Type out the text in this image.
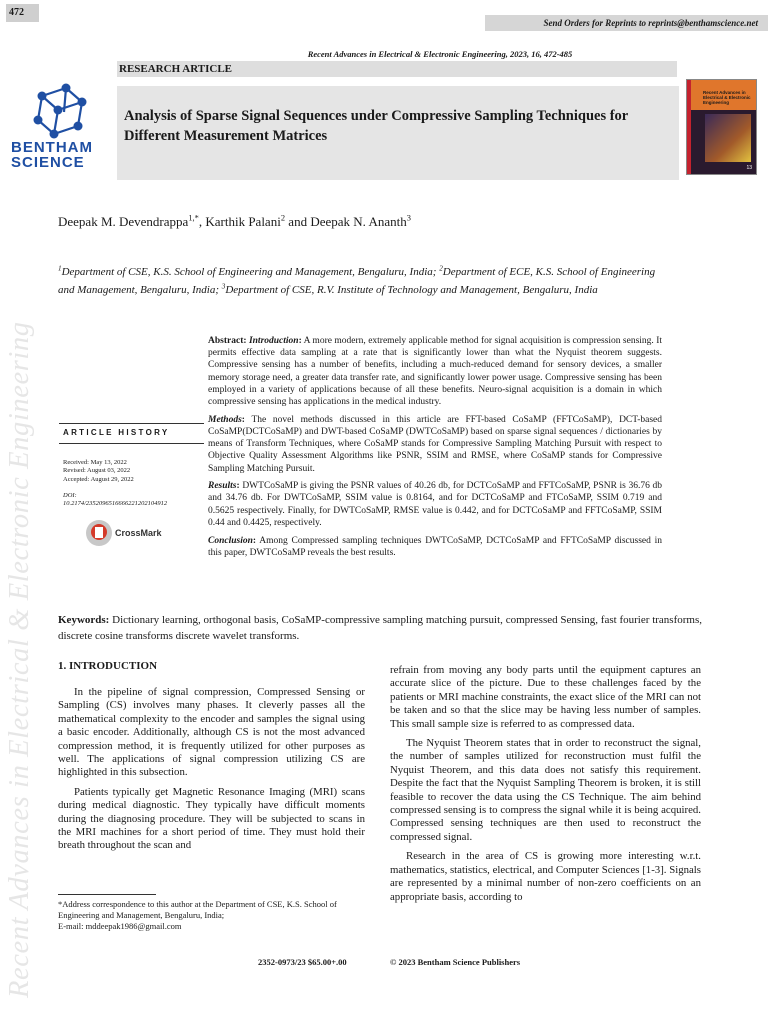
472
Send Orders for Reprints to reprints@benthamscience.net
Recent Advances in Electrical & Electronic Engineering, 2023, 16, 472-485
RESEARCH ARTICLE
BENTHAM
SCIENCE
Analysis of Sparse Signal Sequences under Compressive Sampling Techniques for Different Measurement Matrices
Recent Advances in Electrical & Electronic Engineering
13
Recent Advances in Electrical & Electronic Engineering
Deepak M. Devendrappa$^{1,*}$, Karthik Palani$^2$ and Deepak N. Ananth$^3$
$^1$Department of CSE, K.S. School of Engineering and Management, Bengaluru, India; $^2$Department of ECE, K.S. School of Engineering and Management, Bengaluru, India; $^3$Department of CSE, R.V. Institute of Technology and Management, Bengaluru, India
ARTICLE HISTORY
Received: May 13, 2022
Revised: August 03, 2022
Accepted: August 29, 2022
DOI:
10.2174/2352096516666221202104912
CrossMark

Abstract: Introduction: A more modern, extremely applicable method for signal acquisition is compression sensing. It permits effective data sampling at a rate that is significantly lower than what the Nyquist theorem suggests. Compressive sensing has a number of benefits, including a much-reduced demand for sensory devices, a smaller memory storage need, a greater data transfer rate, and significantly lower power usage. Compressive sensing has been employed in a variety of applications because of all these benefits. Neuro-signal acquisition is a domain in which compressive sensing has applications in the medical industry.

Methods: The novel methods discussed in this article are FFT-based CoSaMP (FFTCoSaMP), DCT-based CoSaMP(DCTCoSaMP) and DWT-based CoSaMP (DWTCoSaMP) based on sparse signal sequences / dictionaries by means of Transform Techniques, where CoSaMP stands for Compressive Sampling Matching Pursuit with respect to Objective Quality Assessment Algorithms like PSNR, SSIM and RMSE, where CoSaMP stands for Compressive Sampling Matching Pursuit.

Results: DWTCoSaMP is giving the PSNR values of 40.26 db, for DCTCoSaMP and FFTCoSaMP, PSNR is 36.76 db and 34.76 db. For DWTCoSaMP, SSIM value is 0.8164, and for DCTCoSaMP and FTCoSaMP, SSIM 0.719 and 0.5625 respectively. Finally, for DWTCoSaMP, RMSE value is 0.442, and for DCTCoSaMP and FFTCoSaMP, SSIM 0.44 and 0.4425, respectively.

Conclusion: Among Compressed sampling techniques DWTCoSaMP, DCTCoSaMP and FFTCoSaMP discussed in this paper, DWTCoSaMP reveals the best results.

Keywords: Dictionary learning, orthogonal basis, CoSaMP-compressive sampling matching pursuit, compressed Sensing, fast fourier transforms, discrete cosine transforms discrete wavelet transforms.
1. INTRODUCTION

In the pipeline of signal compression, Compressed Sensing or Sampling (CS) involves many phases. It cleverly passes all the mathematical complexity to the encoder and samples the signal using a basic encoder. Additionally, although CS is not the most advanced compression method, it is frequently utilized for other purposes as well. The applications of signal compression utilizing CS are highlighted in this subsection.

Patients typically get Magnetic Resonance Imaging (MRI) scans during medical diagnostic. They typically have difficult moments during the diagnosing procedure. They will be subjected to scans in the MRI machines for a short period of time. They must hold their breath throughout the scan and

refrain from moving any body parts until the equipment captures an accurate slice of the picture. Due to these challenges faced by the patients or MRI machine constraints, the exact slice of the MRI can not be taken and so that the slice may be having less number of samples. This small sample size is referred to as compressed data.

The Nyquist Theorem states that in order to reconstruct the signal, the number of samples utilized for reconstruction must fulfil the Nyquist Theorem, and this data does not satisfy this requirement. Despite the fact that the Nyquist Sampling Theorem is broken, it is still feasible to recover the data using the CS Technique. The aim behind compressed sensing is to compress the signal while it is being acquired. Compressed sensing techniques are then used to reconstruct the compressed signal.

Research in the area of CS is growing more interesting w.r.t. mathematics, statistics, electrical, and Computer Sciences [1-3]. Signals are represented by a minimal number of non-zero coefficients on an appropriate basis, according to

*Address correspondence to this author at the Department of CSE, K.S. School of Engineering and Management, Bengaluru, India;
E-mail: mddeepak1986@gmail.com
2352-0973/23 $65.00+.00	© 2023 Bentham Science Publishers
